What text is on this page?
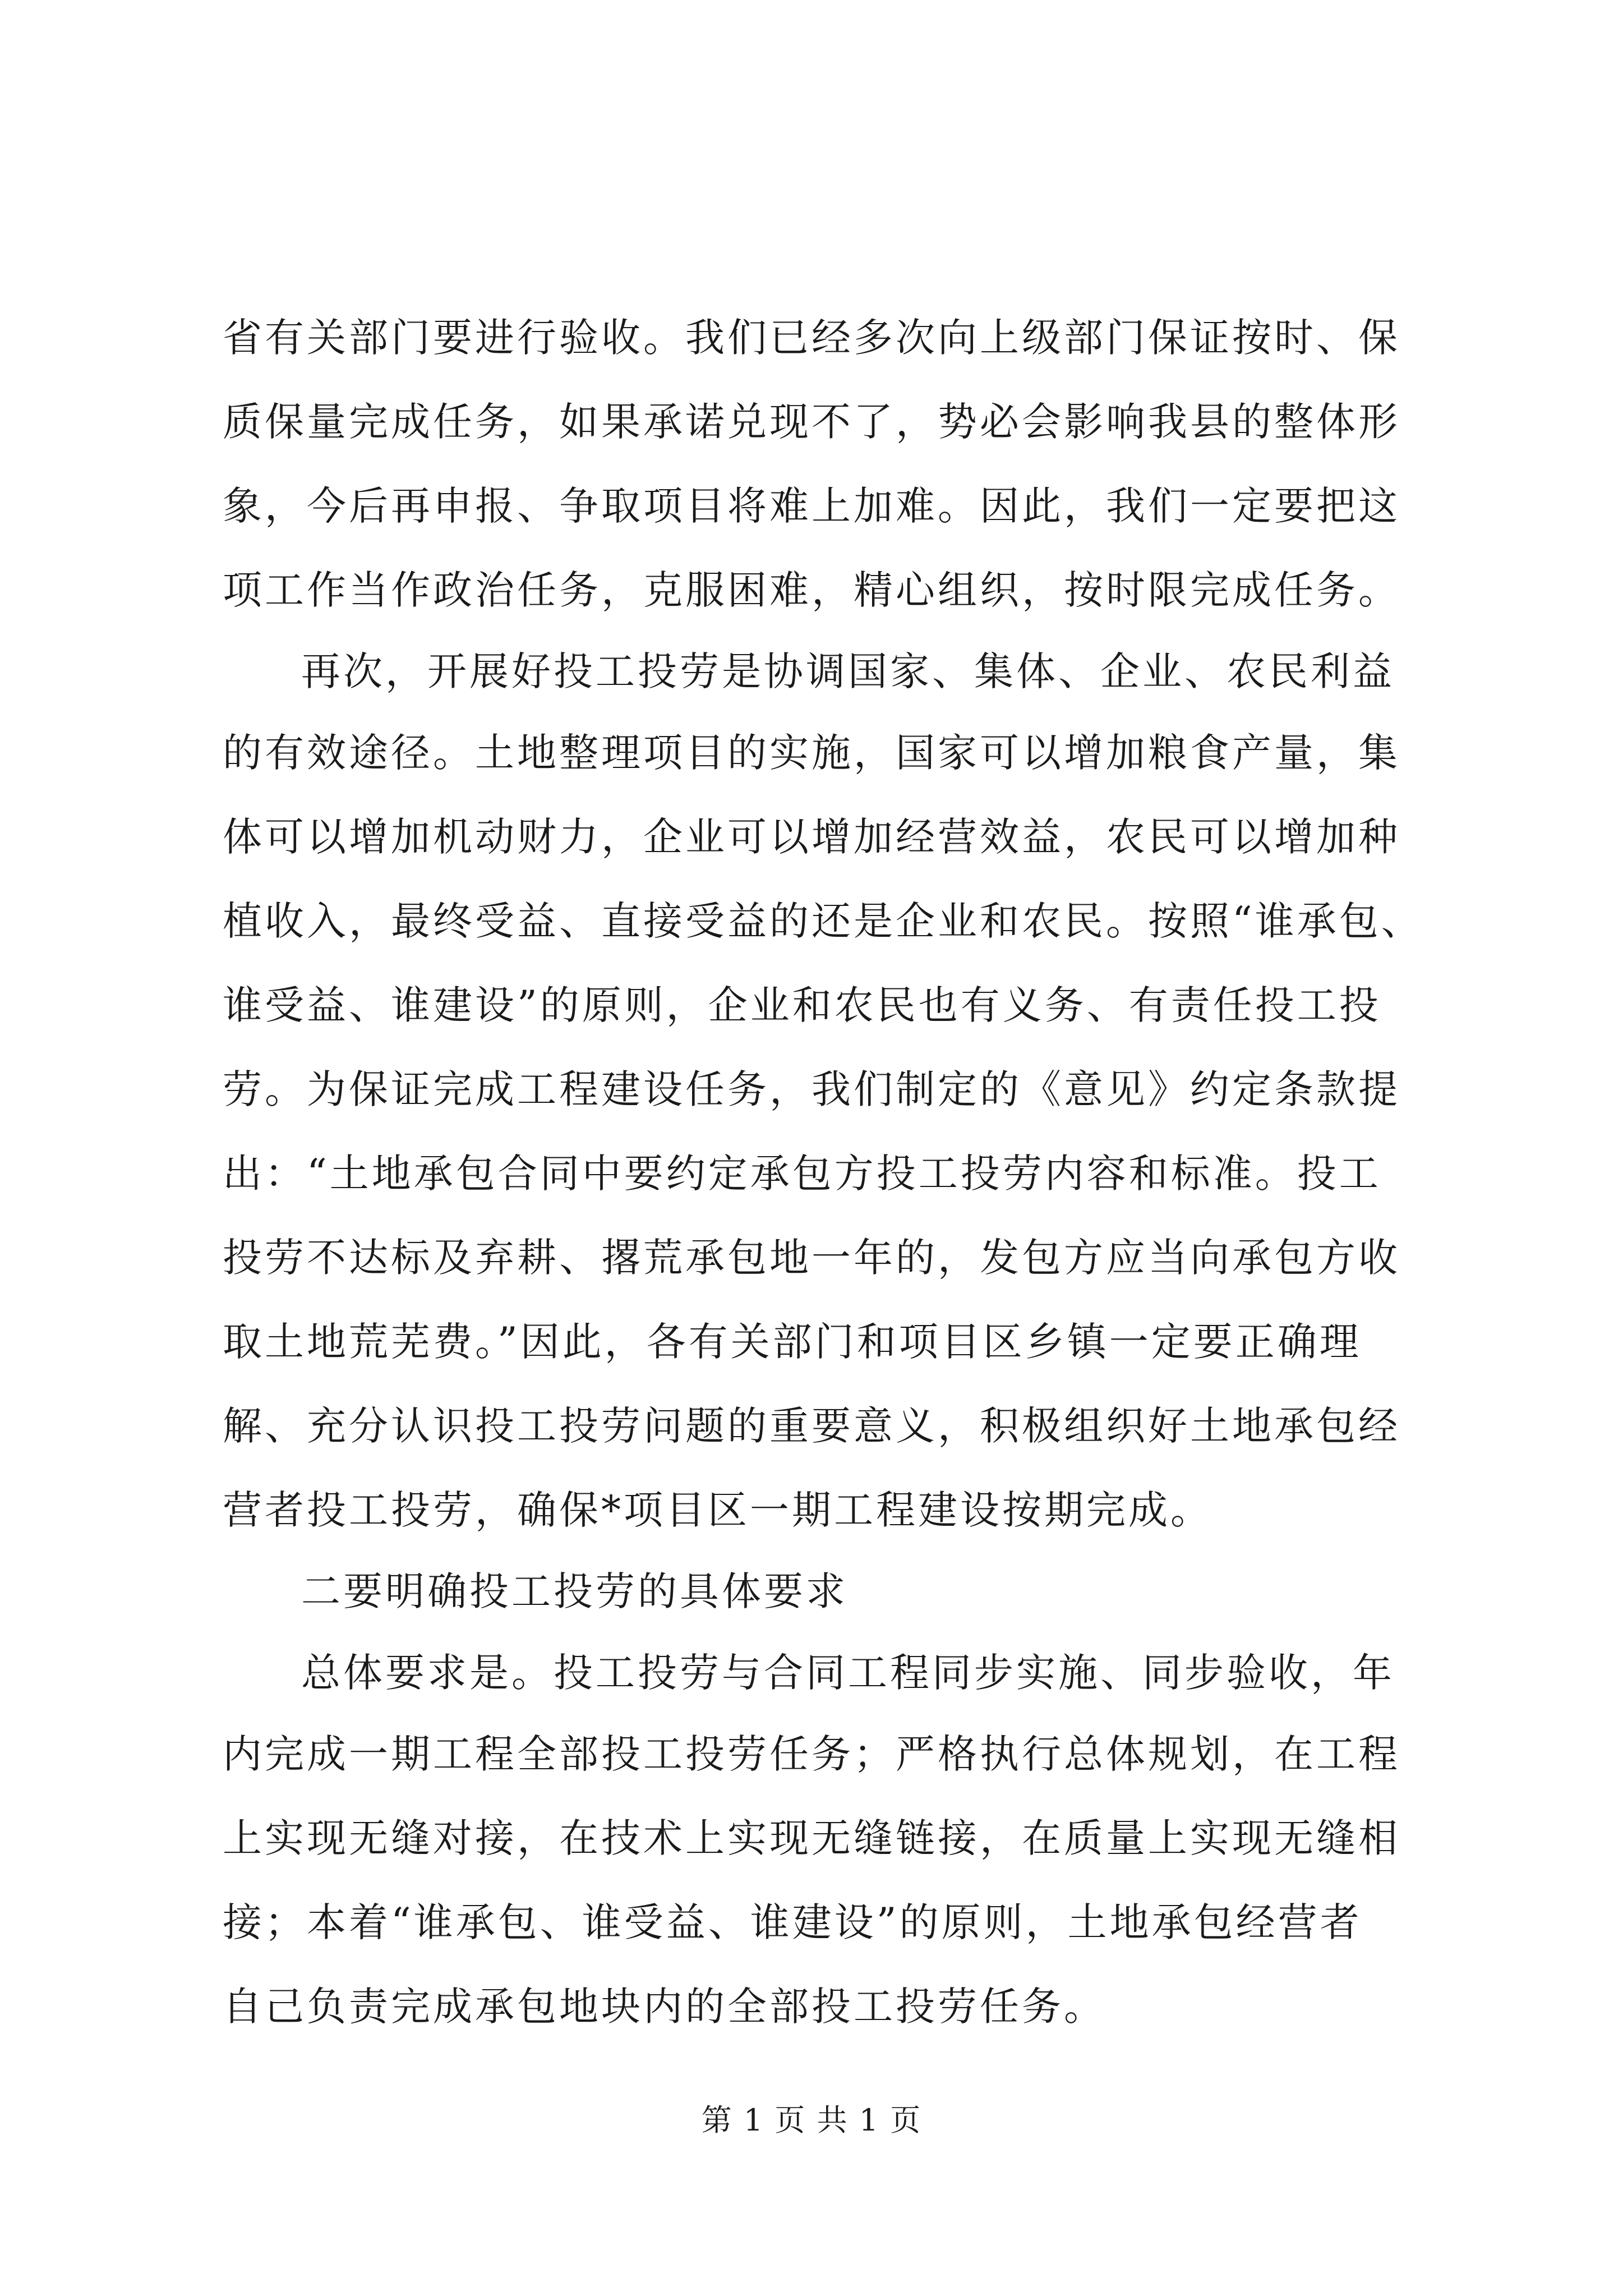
省有关部门要进行验收。我们已经多次向上级部门保证按时、保
质保量完成任务，如果承诺兑现不了，势必会影响我县的整体形
象，今后再申报、争取项目将难上加难。因此，我们一定要把这
项工作当作政治任务，克服困难，精心组织，按时限完成任务。
再次，开展好投工投劳是协调国家、集体、企业、农民利益
的有效途径。土地整理项目的实施，国家可以增加粮食产量，集
体可以增加机动财力，企业可以增加经营效益，农民可以增加种
植收入，最终受益、直接受益的还是企业和农民。按照“谁承包、
谁受益、谁建设”的原则，企业和农民也有义务、有责任投工投
劳。为保证完成工程建设任务，我们制定的《意见》约定条款提
出：“土地承包合同中要约定承包方投工投劳内容和标准。投工
投劳不达标及弃耕、撂荒承包地一年的，发包方应当向承包方收
取土地荒芜费。”因此，各有关部门和项目区乡镇一定要正确理
解、充分认识投工投劳问题的重要意义，积极组织好土地承包经
营者投工投劳，确保*项目区一期工程建设按期完成。
二要明确投工投劳的具体要求
总体要求是。投工投劳与合同工程同步实施、同步验收，年
内完成一期工程全部投工投劳任务；严格执行总体规划，在工程
上实现无缝对接，在技术上实现无缝链接，在质量上实现无缝相
接；本着“谁承包、谁受益、谁建设”的原则，土地承包经营者
自己负责完成承包地块内的全部投工投劳任务。
第 1 页 共 1 页
